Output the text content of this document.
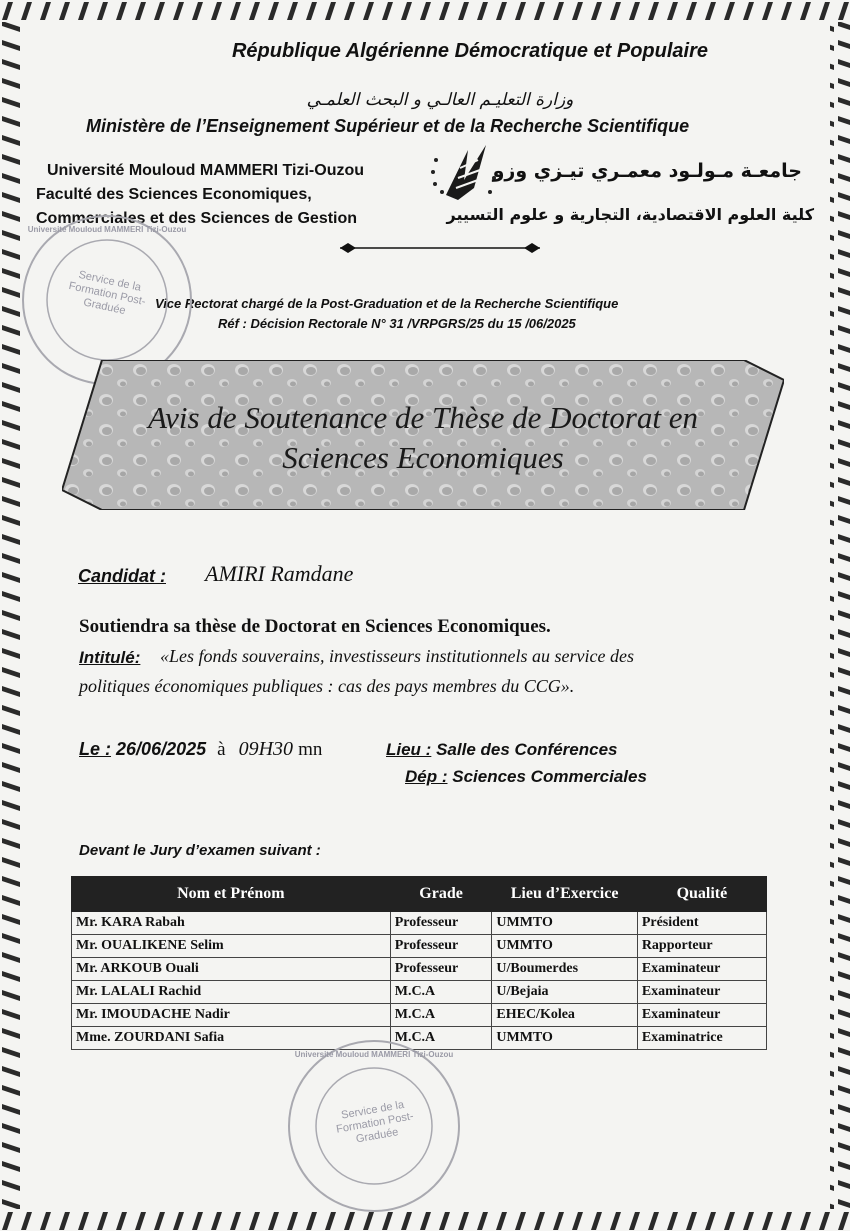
République Algérienne Démocratique et Populaire
وزارة التعليـم العالـي و البحث العلمـي
Ministère de l’Enseignement Supérieur et de la Recherche Scientifique
Université Mouloud MAMMERI Tizi-Ouzou
Faculté des Sciences Economiques,
Commerciales et des Sciences de Gestion
جامعـة مـولـود معمـري تيـزي وزو
كلية العلوم الاقتصادية، التجارية و علوم التسيير
Vice Rectorat chargé de la Post-Graduation et de la Recherche Scientifique
Réf : Décision Rectorale N° 31 /VRPGRS/25 du 15 /06/2025
Université Mouloud MAMMERI Tizi-Ouzou
Service de la Formation Post-Graduée
Avis de Soutenance de Thèse de Doctorat en
Sciences Economiques
Candidat : AMIRI Ramdane
Soutiendra sa thèse de Doctorat en Sciences Economiques.
Intitulé: «Les fonds souverains, investisseurs institutionnels au service des
politiques économiques publiques : cas des pays membres du CCG».
Le : 26/06/2025 à 09H30 mn	Lieu : Salle des Conférences
Dép : Sciences Commerciales
Devant le Jury d’examen suivant :
Nom et Prénom	Grade	Lieu d’Exercice	Qualité
Mr. KARA Rabah	Professeur	UMMTO	Président
Mr. OUALIKENE Selim	Professeur	UMMTO	Rapporteur
Mr. ARKOUB Ouali	Professeur	U/Boumerdes	Examinateur
Mr. LALALI Rachid	M.C.A	U/Bejaia	Examinateur
Mr. IMOUDACHE Nadir	M.C.A	EHEC/Kolea	Examinateur
Mme. ZOURDANI Safia	M.C.A	UMMTO	Examinatrice
Université Mouloud MAMMERI Tizi-Ouzou
Service de la Formation Post-Graduée
